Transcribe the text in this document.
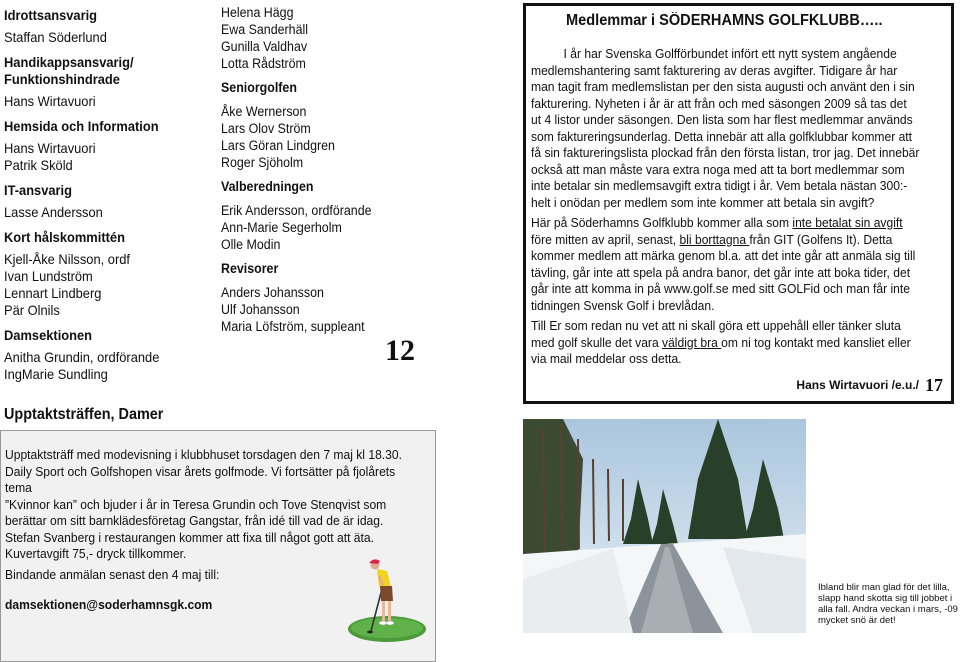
Idrottsansvarig
Staffan Söderlund
Handikappsansvarig/
Funktionshindrade
Hans Wirtavuori
Hemsida och Information
Hans Wirtavuori
Patrik Sköld
IT-ansvarig
Lasse Andersson
Kort hålskommittén
Kjell-Åke Nilsson, ordf
Ivan Lundström
Lennart Lindberg
Pär Olnils
Damsektionen
Anitha Grundin, ordförande
IngMarie Sundling
Helena Hägg
Ewa Sanderhäll
Gunilla Valdhav
Lotta Rådström
Seniorgolfen
Åke Wernerson
Lars Olov Ström
Lars Göran Lindgren
Roger Sjöholm
Valberedningen
Erik Andersson, ordförande
Ann-Marie Segerholm
Olle Modin
Revisorer
Anders Johansson
Ulf Johansson
Maria Löfström, suppleant
12
Medlemmar i SÖDERHAMNS GOLFKLUBB…..

I år har Svenska Golfförbundet infört ett nytt system angående medlemshantering samt fakturering av deras avgifter. Tidigare år har man tagit fram medlemslistan per den sista augusti och använt den i sin fakturering. Nyheten i år är att från och med säsongen 2009 så tas det ut 4 listor under säsongen. Den lista som har flest medlemmar används som faktureringsunderlag. Detta innebär att alla golfklubbar kommer att få sin faktureringslista plockad från den första listan, tror jag. Det innebär också att man måste vara extra noga med att ta bort medlemmar som inte betalar sin medlemsavgift extra tidigt i år. Vem betala nästan 300:- helt i onödan per medlem som inte kommer att betala sin avgift?

Här på Söderhamns Golfklubb kommer alla som inte betalat sin avgift före mitten av april, senast, bli borttagna från GIT (Golfens It). Detta kommer medlem att märka genom bl.a. att det inte går att anmäla sig till tävling, går inte att spela på andra banor, det går inte att boka tider, det går inte att komma in på www.golf.se med sitt GOLFid och man får inte tidningen Svensk Golf i brevlådan.

Till Er som redan nu vet att ni skall göra ett uppehåll eller tänker sluta med golf skulle det vara väldigt bra om ni tog kontakt med kansliet eller via mail meddelar oss detta.

Hans Wirtavuori /e.u./ 17
Upptaktsträffen, Damer
Upptaktsträff med modevisning i klubbhuset torsdagen den 7 maj kl 18.30.
Daily Sport och Golfshopen visar årets golfmode. Vi fortsätter på fjolårets tema
”Kvinnor kan” och bjuder i år in Teresa Grundin och Tove Stenqvist som
berättar om sitt barnklädesföretag Gangstar, från idé till vad de är idag.
Stefan Svanberg i restaurangen kommer att fixa till något gott att äta.
Kuvertavgift 75,- dryck tillkommer.
Bindande anmälan senast den 4 maj till:
damsektionen@soderhamnsgk.com
Ibland blir man glad för det lilla, slapp hand skotta sig till jobbet i alla fall. Andra veckan i mars, -09 mycket snö är det!
